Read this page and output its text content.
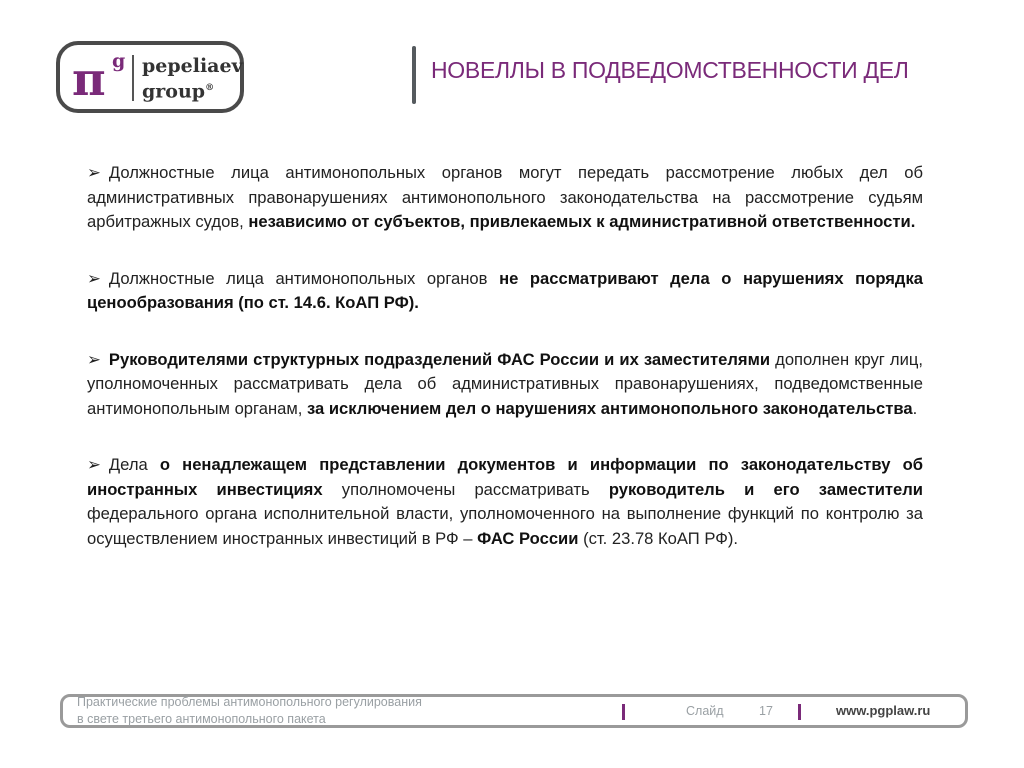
π g pepeliaev
group®
НОВЕЛЛЫ В ПОДВЕДОМСТВЕННОСТИ ДЕЛ

➢ Должностные лица антимонопольных органов могут передать рассмотрение любых дел об административных правонарушениях антимонопольного законодательства на рассмотрение судьям арбитражных судов, независимо от субъектов, привлекаемых к административной ответственности.

➢ Должностные лица антимонопольных органов не рассматривают дела о нарушениях порядка ценообразования (по ст. 14.6. КоАП РФ).

➢ Руководителями структурных подразделений ФАС России и их заместителями дополнен круг лиц, уполномоченных рассматривать дела об административных правонарушениях, подведомственные антимонопольным органам, за исключением дел о нарушениях антимонопольного законодательства.

➢ Дела о ненадлежащем представлении документов и информации по законодательству об иностранных инвестициях уполномочены рассматривать руководитель и его заместители федерального органа исполнительной власти, уполномоченного на выполнение функций по контролю за осуществлением иностранных инвестиций в РФ – ФАС России (ст. 23.78 КоАП РФ).

Практические проблемы антимонопольного регулирования
в свете третьего антимонопольного пакета
Слайд	17	www.pgplaw.ru
